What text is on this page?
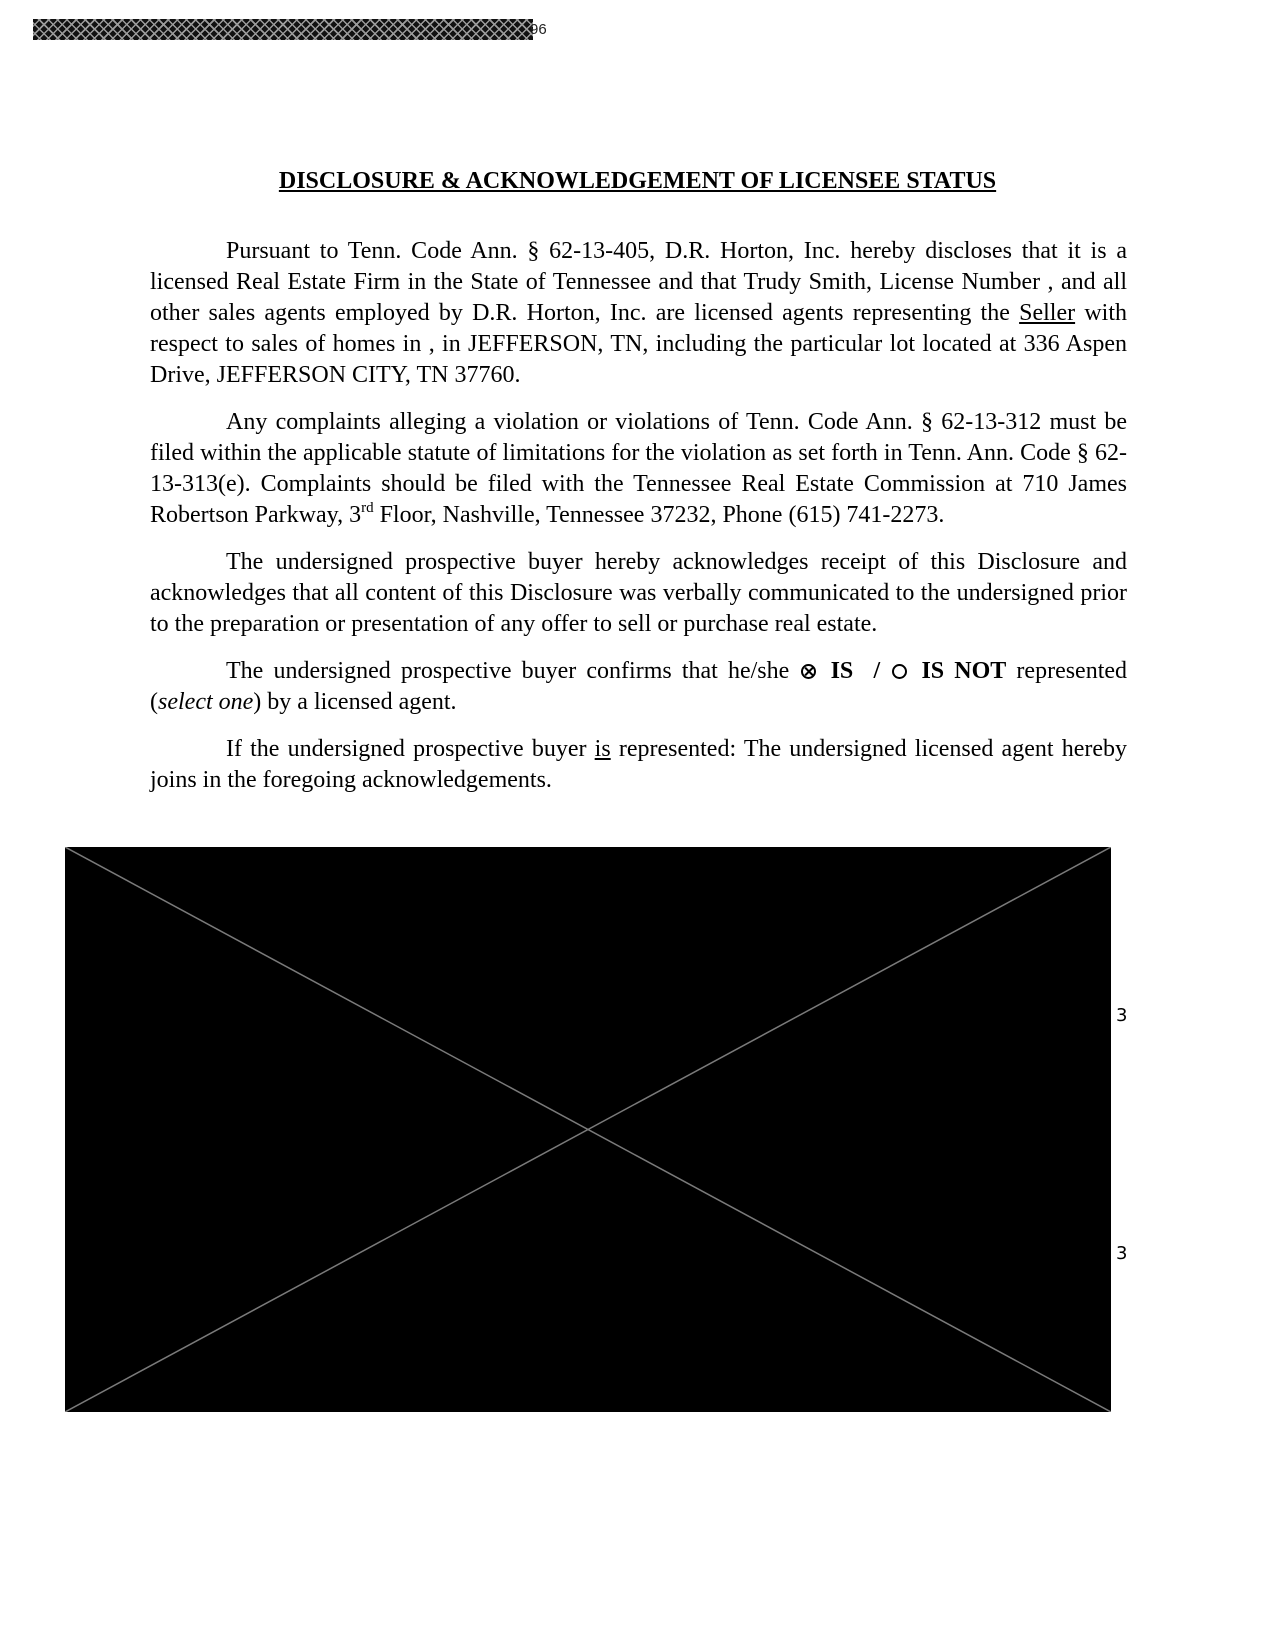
96
DISCLOSURE & ACKNOWLEDGEMENT OF LICENSEE STATUS

Pursuant to Tenn. Code Ann. § 62-13-405, D.R. Horton, Inc. hereby discloses that it is a licensed Real Estate Firm in the State of Tennessee and that Trudy Smith, License Number , and all other sales agents employed by D.R. Horton, Inc. are licensed agents representing the Seller with respect to sales of homes in , in JEFFERSON, TN, including the particular lot located at 336 Aspen Drive, JEFFERSON CITY, TN 37760.

Any complaints alleging a violation or violations of Tenn. Code Ann. § 62-13-312 must be filed within the applicable statute of limitations for the violation as set forth in Tenn. Ann. Code § 62-13-313(e). Complaints should be filed with the Tennessee Real Estate Commission at 710 James Robertson Parkway, 3rd Floor, Nashville, Tennessee 37232, Phone (615) 741-2273.

The undersigned prospective buyer hereby acknowledges receipt of this Disclosure and acknowledges that all content of this Disclosure was verbally communicated to the undersigned prior to the preparation or presentation of any offer to sell or purchase real estate.

The undersigned prospective buyer confirms that he/she  IS / IS NOT represented (select one) by a licensed agent.

If the undersigned prospective buyer is represented: The undersigned licensed agent hereby joins in the foregoing acknowledgements.

3
3
